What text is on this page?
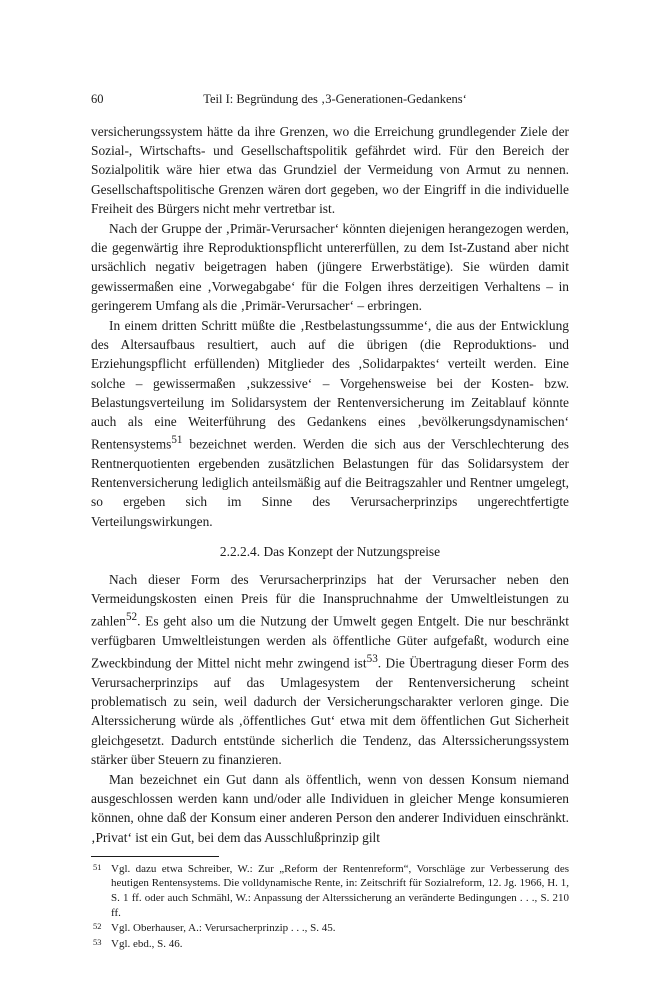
60	Teil I: Begründung des ‚3-Generationen-Gedankens‘

versicherungssystem hätte da ihre Grenzen, wo die Erreichung grundlegender Ziele der Sozial-, Wirtschafts- und Gesellschaftspolitik gefährdet wird. Für den Bereich der Sozialpolitik wäre hier etwa das Grundziel der Vermeidung von Armut zu nennen. Gesellschaftspolitische Grenzen wären dort gegeben, wo der Eingriff in die individuelle Freiheit des Bürgers nicht mehr vertretbar ist.

Nach der Gruppe der ‚Primär-Verursacher‘ könnten diejenigen herangezogen werden, die gegenwärtig ihre Reproduktionspflicht untererfüllen, zu dem Ist-Zustand aber nicht ursächlich negativ beigetragen haben (jüngere Erwerbstätige). Sie würden damit gewissermaßen eine ‚Vorwegabgabe‘ für die Folgen ihres derzeitigen Verhaltens – in geringerem Umfang als die ‚Primär-Verursacher‘ – erbringen.

In einem dritten Schritt müßte die ‚Restbelastungssumme‘, die aus der Entwicklung des Altersaufbaus resultiert, auch auf die übrigen (die Reproduktions- und Erziehungspflicht erfüllenden) Mitglieder des ‚Solidarpaktes‘ verteilt werden. Eine solche – gewissermaßen ‚sukzessive‘ – Vorgehensweise bei der Kosten- bzw. Belastungsverteilung im Solidarsystem der Rentenversicherung im Zeitablauf könnte auch als eine Weiterführung des Gedankens eines ‚bevölkerungsdynamischen‘ Rentensystems$^{51}$ bezeichnet werden. Werden die sich aus der Verschlechterung des Rentnerquotienten ergebenden zusätzlichen Belastungen für das Solidarsystem der Rentenversicherung lediglich anteilsmäßig auf die Beitragszahler und Rentner umgelegt, so ergeben sich im Sinne des Verursacherprinzips ungerechtfertigte Verteilungswirkungen.

2.2.2.4. Das Konzept der Nutzungspreise

Nach dieser Form des Verursacherprinzips hat der Verursacher neben den Vermeidungskosten einen Preis für die Inanspruchnahme der Umweltleistungen zu zahlen$^{52}$. Es geht also um die Nutzung der Umwelt gegen Entgelt. Die nur beschränkt verfügbaren Umweltleistungen werden als öffentliche Güter aufgefaßt, wodurch eine Zweckbindung der Mittel nicht mehr zwingend ist$^{53}$. Die Übertragung dieser Form des Verursacherprinzips auf das Umlagesystem der Rentenversicherung scheint problematisch zu sein, weil dadurch der Versicherungscharakter verloren ginge. Die Alterssicherung würde als ‚öffentliches Gut‘ etwa mit dem öffentlichen Gut Sicherheit gleichgesetzt. Dadurch entstünde sicherlich die Tendenz, das Alterssicherungssystem stärker über Steuern zu finanzieren.

Man bezeichnet ein Gut dann als öffentlich, wenn von dessen Konsum niemand ausgeschlossen werden kann und/oder alle Individuen in gleicher Menge konsumieren können, ohne daß der Konsum einer anderen Person den anderer Individuen einschränkt. ‚Privat‘ ist ein Gut, bei dem das Ausschlußprinzip gilt

51 Vgl. dazu etwa Schreiber, W.: Zur „Reform der Rentenreform“, Vorschläge zur Verbesserung des heutigen Rentensystems. Die volldynamische Rente, in: Zeitschrift für Sozialreform, 12. Jg. 1966, H. 1, S. 1 ff. oder auch Schmähl, W.: Anpassung der Alterssicherung an veränderte Bedingungen . . ., S. 210 ff.

52 Vgl. Oberhauser, A.: Verursacherprinzip . . ., S. 45.

53 Vgl. ebd., S. 46.
